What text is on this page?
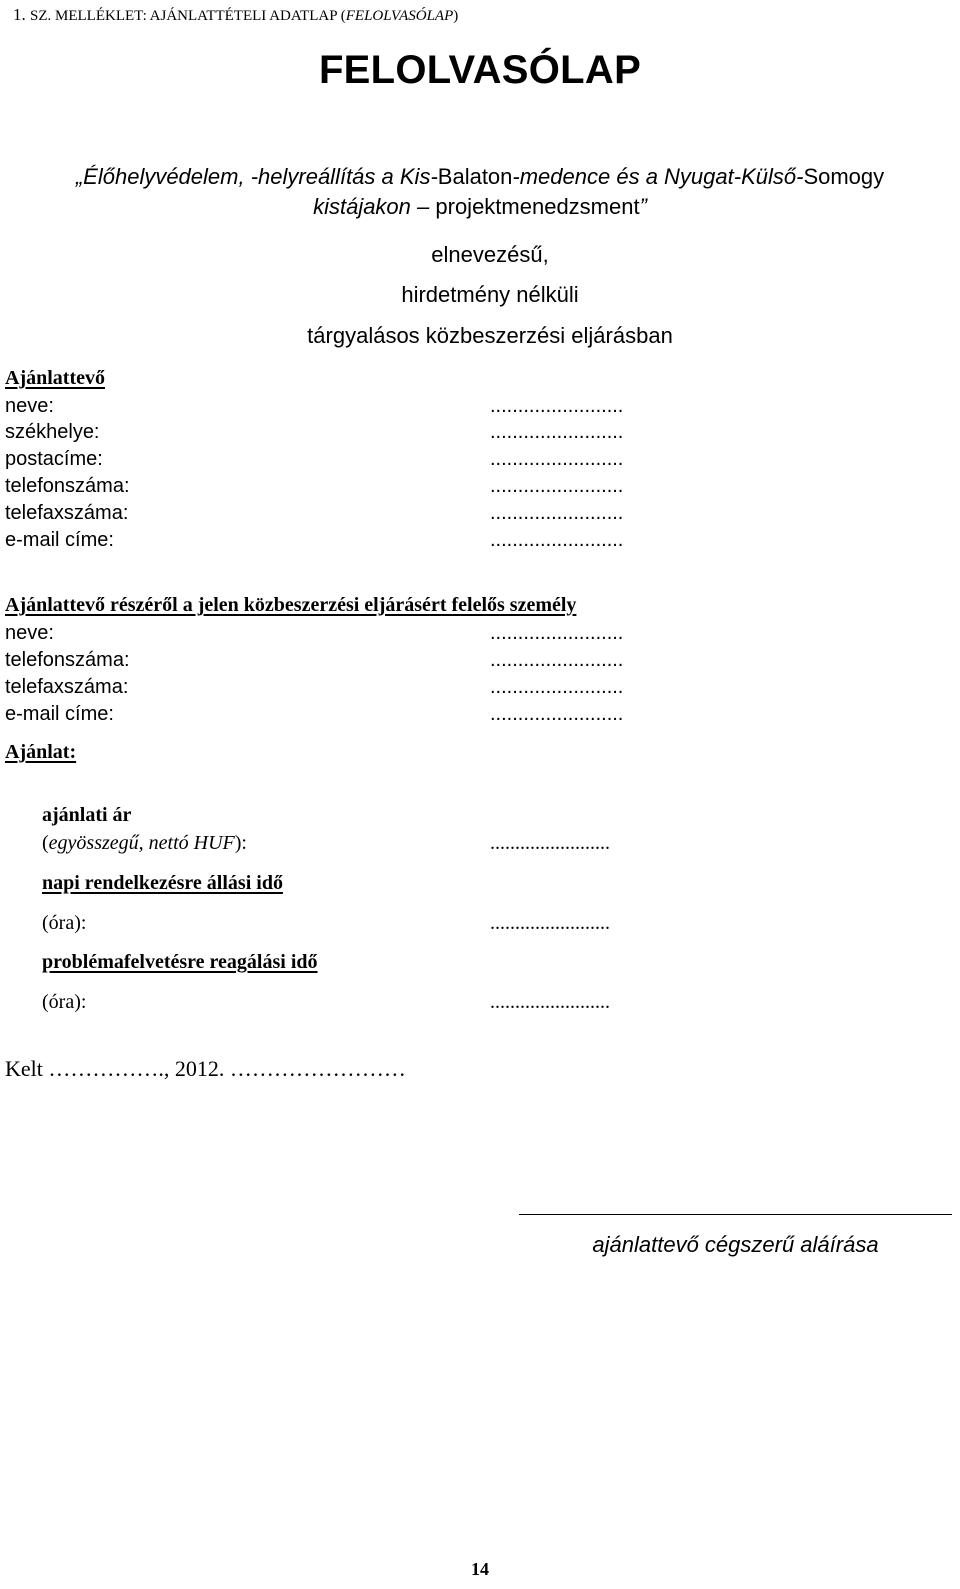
1. SZ. MELLÉKLET: AJÁNLATTÉTELI ADATLAP (FELOLVASÓLAP)
FELOLVASÓLAP
„Élőhelyvédelem, -helyreállítás a Kis-Balaton-medence és a Nyugat-Külső-Somogy
kistájakon – projektmenedzsment”
elnevezésű,
hirdetmény nélküli
tárgyalásos közbeszerzési eljárásban
Ajánlattevő
neve:	........................
székhelye:	........................
postacíme:	........................
telefonszáma:	........................
telefaxszáma:	........................
e-mail címe:	........................
Ajánlattevő részéről a jelen közbeszerzési eljárásért felelős személy
neve:	........................
telefonszáma:	........................
telefaxszáma:	........................
e-mail címe:	........................
Ajánlat:
ajánlati ár
(egyösszegű, nettó HUF):	........................
napi rendelkezésre állási idő
(óra):	........................
problémafelvetésre reagálási idő
(óra):	........................
Kelt ……………., 2012. ……………………
ajánlattevő cégszerű aláírása
14
